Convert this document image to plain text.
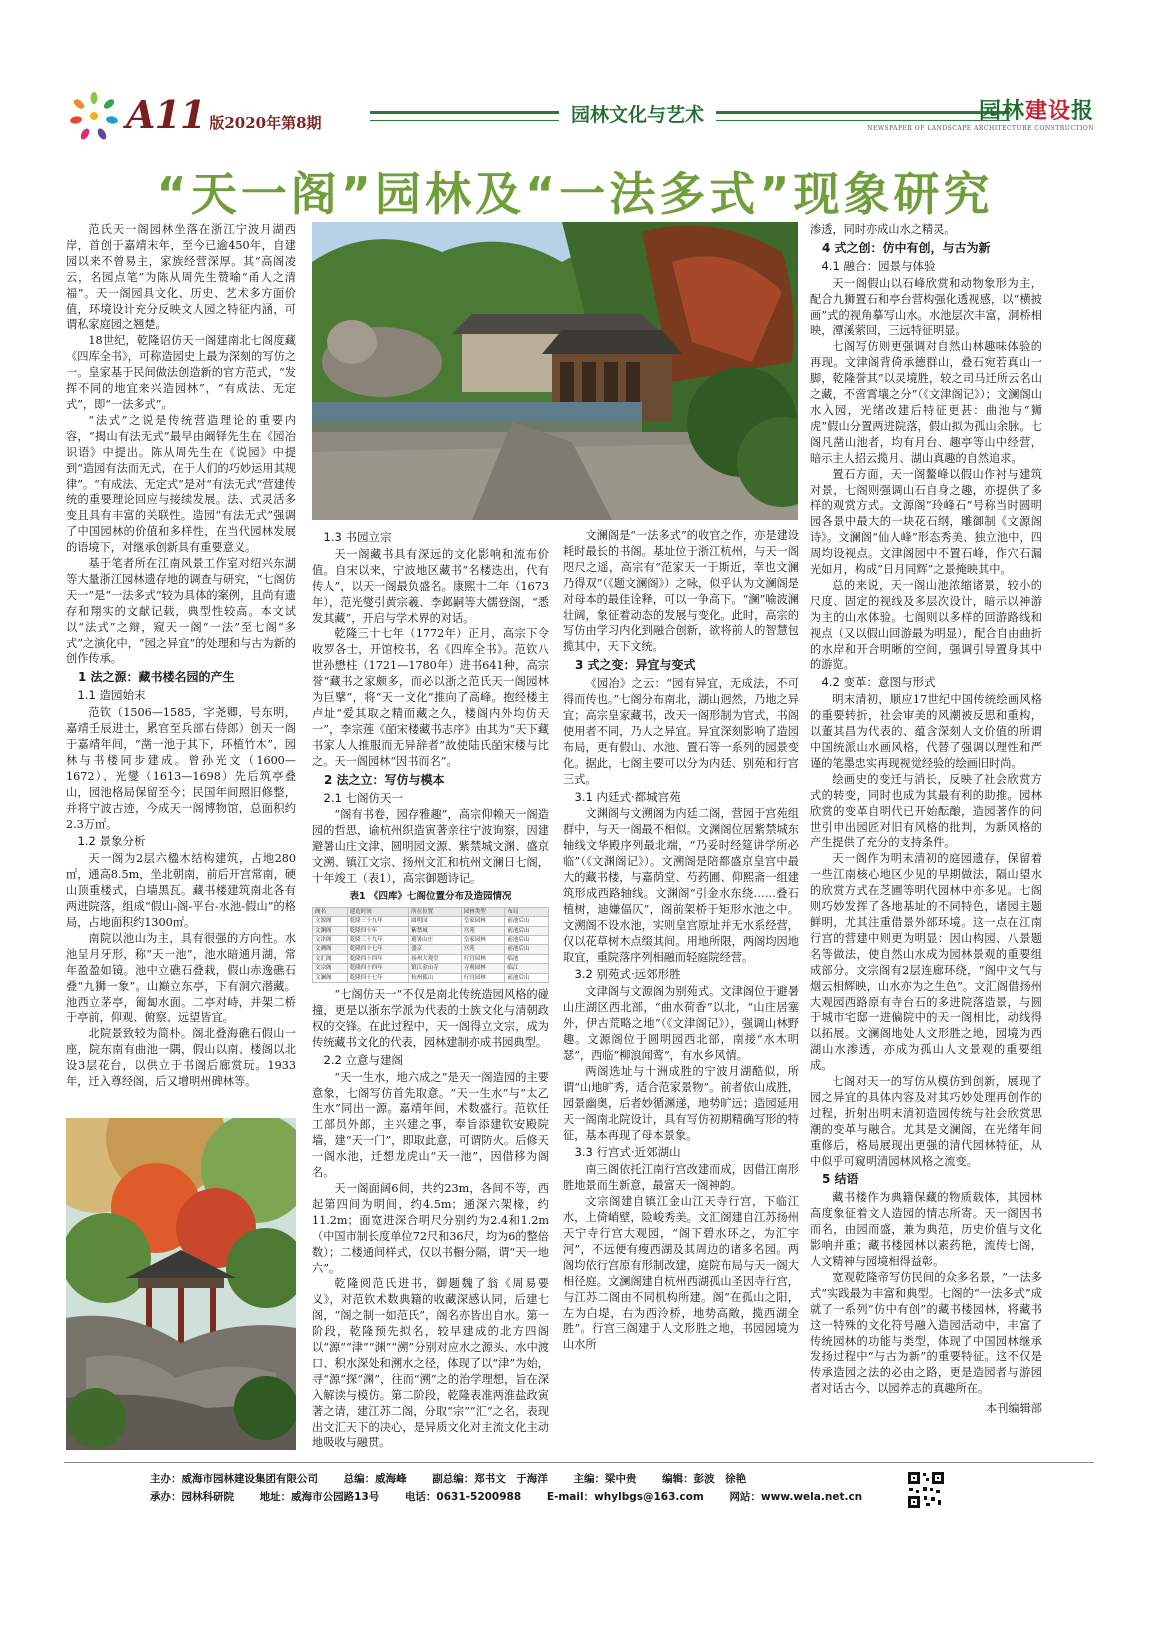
A11 版2020年第8期	园林文化与艺术	园林建设报
NEWSPAPER OF LANDSCAPE ARCHITECTURE CONSTRUCTION
“天一阁”园林及“一法多式”现象研究

范氏天一阁园林坐落在浙江宁波月湖西岸，首创于嘉靖末年，至今已逾450年，自建园以来不曾易主，家族经营深厚。其“高阁凌云，名园点笔”为陈从周先生赞喻“甬人之清福”。天一阁园具文化、历史、艺术多方面价值，环境设计充分反映文人园之特征内涵，可谓私家庭园之翘楚。

18世纪，乾隆诏仿天一阁建南北七阁度藏《四库全书》，可称造园史上最为深刻的写仿之一。皇家基于民间做法创造新的官方范式，“发挥不同的地宜来兴造园林”，“有成法、无定式”，即“一法多式”。

“法式”之说是传统营造理论的重要内容，“揭山有法无式”最早由阚铎先生在《园冶识语》中提出。陈从周先生在《说园》中提到“造园有法而无式，在于人们的巧妙运用其规律”。“有成法、无定式”是对“有法无式”营建传统的重要理论回应与接续发展。法、式灵活多变且具有丰富的关联性。造园“有法无式”强调了中国园林的价值和多样性，在当代园林发展的语境下，对继承创新具有重要意义。

基于笔者所在江南风景工作室对绍兴东湖等大量浙江园林遗存地的调查与研究，“七阁仿天一”是“一法多式”较为具体的案例，且尚有遗存和翔实的文献记载，典型性较高。本文试以“法式”之辩，窥天一阁“一法”至七阁“多式”之演化中，“园之异宜”的处理和与古为新的创作传承。

1 法之源：藏书楼名园的产生
1.1 造园始末

范钦（1506—1585，字尧卿，号东明，嘉靖壬辰进士，累官至兵部右侍郎）创天一阁于嘉靖年间，“凿一池于其下，环植竹木”，园林与书楼同步建成。曾孙光文（1600—1672）、光燮（1613—1698）先后筑亭叠山，园池格局保留至今；民国年间照旧修整，并将宁波古迹，今成天一阁博物馆，总面积约2.3万㎡。

1.2 景象分析

天一阁为2层六楹木结构建筑，占地280㎡，通高8.5m，坐北朝南，前后开宫常南，硬山顶重楼式，白墙黑瓦。藏书楼建筑南北各有两进院落，组成“假山-阁-平台-水池-假山”的格局，占地面积约1300㎡。

南院以池山为主，具有很强的方向性。水池呈月牙形，称“天一池”，池水暗通月湖，常年盈盈如镜。池中立礁石叠栽，假山赤逸礁石叠“九狮一象”。山巅立东亭，下有洞穴潜藏。池西立茅亭，匍匐水面。二亭对峙，并架二桥于亭前，仰观、俯察、远望皆宜。

北院景致较为简朴。阁北叠海礁石假山一座，院东南有曲池一隅，假山以南、楼阁以北设3层花台，以供立于书阁后廊赏玩。1933年，迁入尊经阁，后又增明州碑林等。

1.3 书园立宗

天一阁藏书具有深远的文化影响和流布价值。自宋以来，宁波地区藏书“名楼迭出，代有传人”，以天一阁最负盛名。康熙十二年（1673年），范光燮引黄宗羲、李邺嗣等大儒登阁，“悉发其藏”，开启与学术界的对话。

乾隆三十七年（1772年）正月，高宗下令收罗各士，开馆校书，名《四库全书》。范钦八世孙懋柱（1721—1780年）进书641种，高宗誉“藏书之家颇多，而必以浙之范氏天一阁园林为巨擘”，将“天一文化”推向了高峰。抱经楼主卢址“爱其取之精而藏之久，楼阁内外均仿天一”，李宗莲《皕宋楼藏书志序》由其为“天下藏书家人人推服而无异辞者”故使陆氏皕宋楼与比之。天一阁园林“因书而名”。

2 法之立：写仿与模本
2.1 七阁仿天一

“阁有书卷，园存雅趣”，高宗仰赖天一阁造园的哲思，谕杭州织造寅著亲往宁波询察，因建避暑山庄文津、圆明园文源、紫禁城文渊、盛京文溯、镇江文宗、扬州文汇和杭州文澜日七阁，十年竣工（表1），高宗御题诗记。

表1 《四库》七阁位置分布及造园情况
阁名	建造时间	所在位置	园林类型	布局
文源阁	乾隆三十九年	圆明园	皇家园林	前池后山
文渊阁	乾隆四十年	紫禁城	宫苑	前池后山
文津阁	乾隆三十九年	避暑山庄	皇家园林	前池后山
文溯阁	乾隆四十七年	盛京	宫苑	前池后山
文汇阁	乾隆四十四年	扬州大观堂	行宫园林	临池
文宗阁	乾隆四十四年	镇江金山寺	寺观园林	临江
文澜阁	乾隆四十七年	杭州孤山	行宫园林	前池后山

“七阁仿天一”不仅是南北传统造园风格的碰撞，更是以浙东学派为代表的士族文化与清朝政权的交锋。在此过程中，天一阁得立文宗，成为传统藏书文化的代表，园林建制亦成书园典型。

2.2 立意与建阁

“天一生水，地六成之”是天一阁造园的主要意象，七阁写仿首先取意。“天一生水”与“太乙生水”同出一源。嘉靖年间，术数盛行。范钦任工部员外郎，主兴建之事，奉旨添建钦安殿院墙，建“天一门”，即取此意，可谓防火。后修天一阁水池，迁想龙虎山“天一池”，因借移为阁名。

天一阁面阔6间，共约23m，各间不等，西起第四间为明间，约4.5m；通深六架椽，约11.2m；面宽进深合明尺分别约为2.4和1.2m（中国市制长度单位72尺和36尺，均为6的整倍数）；二楼通间样式，仅以书橱分隔，谓“天一地六”。

乾隆阅范氏进书，御题魏了翁《周易要义》，对范钦术数典籍的收藏深感认同，后建七阁，“阁之制一如范氏”，阁名亦皆出自水。第一阶段，乾隆预先拟名，较早建成的北方四阁以“源”“津”“渊”“溯”分别对应水之源头、水中渡口、积水深处和溯水之径，体现了以“津”为始，寻“源”探“渊”，往而“溯”之的治学理想，旨在深入解读与模仿。第二阶段，乾隆表准两淮盐政寅著之请，建江苏二阁，分取“宗”“汇”之名，表现出文汇天下的决心，是异质文化对主流文化主动地吸收与融贯。

文澜阁是“一法多式”的收官之作，亦是建设耗时最长的书阁。基址位于浙江杭州，与天一阁咫尺之遥，高宗有“范家天一于斯近，幸也文澜乃得双”（《题文澜阁》）之咏，似乎认为文澜阁是对母本的最佳诠释，可以一争高下。“澜”喻波澜壮阔，象征着动态的发展与变化。此时，高宗的写仿由学习内化到融合创新，欲将前人的智慧包揽其中，天下文统。

3 式之变：异宜与变式

《园冶》之云：“园有异宜，无成法，不可得而传也。”七阁分布南北，湖山迥然，乃地之异宜；高宗皇家藏书，改天一阁形制为官式，书阁使用者不同，乃人之异宜。异宜深刻影响了造园布局，更有假山、水池、置石等一系列的园景变化。据此，七阁主要可以分为内廷、别苑和行宫三式。

3.1 内廷式·都城宫苑

文渊阁与文溯阁为内廷二阁，营园于宫苑组群中，与天一阁最不相似。文渊阁位居紫禁城东轴线文华殿序列最北端，“乃妥时经筵讲学所必临”（《文渊阁记》）。文溯阁是陪都盛京皇宫中最大的藏书楼，与嘉荫堂、芍药圃、仰熙斋一组建筑形成西路轴线。文渊阁“引金水东绕……叠石植树，迪嫌偪仄”，阁前架桥于矩形水池之中。文溯阁不设水池，实则皇宫原址并无水系经营，仅以花草树木点缀其间。用地所限，两阁均因地取宜，重院落序列相融而轻庭院经营。

3.2 别苑式·远郊形胜

文津阁与文源阁为别苑式。文津阁位于避暑山庄湖区西北部，“曲水荷香”以北，“山庄居塞外，伊古荒略之地”（《文津阁记》），强调山林野趣。文源阁位于圆明园西北部，南接“水木明瑟”，西临“柳浪闻莺”，有水乡风情。

两阁选址与十洲成胜的宁波月湖酷似，所谓“山地旷秀，适合范家景物”。前者依山成胜，园景幽奥，后者妙循渊递，地势旷远；造园延用天一阁南北院设计，具有写仿初期精确写形的特征，基本再现了母本景象。

3.3 行宫式·近郊湖山

南三阁依托江南行宫改建而成，因借江南形胜地景而生新意，最富天一阁神韵。

文宗阁建自镇江金山江天寺行宫，下临江水，上倚峭壁，险峻秀美。文汇阁建自江苏扬州天宁寺行宫大观园，“阁下碧水环之，为汇宇河”，不远便有瘦西湖及其周边的诸多名园。两阁均依行宫原有形制改建，庭院布局与天一阁大相径庭。文澜阁建自杭州西湖孤山圣因寺行宫，与江苏二阁由不同机构所建。阁“在孤山之阳，左为白堤，右为西泠桥，地势高敞，揽西湖全胜”。行宫三阁建于人文形胜之地，书园园境为山水所

渗透，同时亦成山水之精灵。

4 式之创：仿中有创，与古为新
4.1 融合：园景与体验

天一阁假山以石峰欣赏和动物象形为主，配合九狮置石和亭台营构强化透视感，以“横披画”式的视角摹写山水。水池层次丰富，洞桥相映，潭溪萦回，三远特征明显。

七阁写仿则更强调对自然山林趣味体验的再现。文津阁背倚承德群山，叠石宛若真山一脚，乾隆誉其“以灵境胜，较之司马迁所云名山之藏，不啻霄壤之分”（《文津阁记》）；文澜阁山水入园，光绪改建后特征更甚：曲池与“狮虎”假山分置两进院落，假山拟为孤山余脉。七阁凡凿山池者，均有月台、趣亭等山中经营，暗示主人招云揽月、湖山真趣的自然追求。

置石方面，天一阁鳌峰以假山作衬与建筑对景，七阁则强调山石自身之趣，亦提供了多样的观赏方式。文源阁“玲峰石”号称当时圆明园各景中最大的一块花石纲，雕御制《文源阁诗》。文澜阁“仙人峰”形态秀美、独立池中，四周均设视点。文津阁园中不置石峰，作穴石漏光如月，构成“日月同辉”之景掩映其中。

总的来说，天一阁山池浓缩诸景，较小的尺度、固定的视线及多层次设计，暗示以神游为主的山水体验。七阁则以多样的回游路线和视点（又以假山回游最为明显），配合自由曲折的水岸和开合明晰的空间，强调引导置身其中的游览。

4.2 变革：意图与形式

明末清初，顺应17世纪中国传统绘画风格的重要转折，社会审美的风潮被反思和重构，以董其昌为代表的、蕴含深刻人文价值的所谓中国统派山水画风格，代替了强调以理性和严谨的笔墨忠实再现视觉经验的绘画旧时尚。

绘画史的变迁与消长，反映了社会欣赏方式的转变，同时也成为其最有利的助推。园林欣赏的变革自明代已开始酝酿，造园著作的问世引申出园匠对旧有风格的批判，为新风格的产生提供了充分的支持条件。

天一阁作为明末清初的庭园遗存，保留着一些江南核心地区少见的早期做法，隔山望水的欣赏方式在芝圃等明代园林中亦多见。七阁则巧妙发挥了各地基址的不同特色，诸园主题鲜明，尤其注重借景外部环境。这一点在江南行宫的营建中则更为明显：因山构园、八景题名等做法，使自然山水成为园林景观的重要组成部分。文宗阁有2层连廊环绕，“阁中文气与烟云相辉映，山水亦为之生色”。文汇阁借扬州大观园西路原有寺台石的多进院落造景，与圆于城市宅邸一进偏院中的天一阁相比，动线得以拓展。文澜阁地处人文形胜之地，园境为西湖山水渗透，亦成为孤山人文景观的重要组成。

七阁对天一的写仿从模仿到创新，展现了园之异宜的具体内容及对其巧妙处理再创作的过程，折射出明末清初造园传统与社会欣赏思潮的变革与融合。尤其是文澜阁，在光绪年间重修后，格局展现出更强的清代园林特征，从中似乎可窥明清园林风格之流变。

5 结语

藏书楼作为典籍保藏的物质载体，其园林高度象征着文人造园的情志所寄。天一阁因书而名，由园而盛，兼为典范，历史价值与文化影响并重；藏书楼园林以素药艳，流传七阁，人文精神与园境相得益彰。

宽观乾隆帝写仿民间的众多名景，“一法多式”实践最为丰富和典型。七阁的“一法多式”成就了一系列“仿中有创”的藏书楼园林，将藏书这一特殊的文化符号融入造园活动中，丰富了传统园林的功能与类型，体现了中国园林继承发扬过程中“与古为新”的重要特征。这不仅是传承造园之法的必由之路，更是造园者与游园者对话古今、以园养志的真趣所在。

本刊编辑部
主办：威海市园林建设集团有限公司 总编：威海峰 副总编：郑书文　于海洋 主编：梁中贵 编辑：彭波　徐艳
承办：园林科研院 地址：威海市公园路13号 电话：0631-5200988 E-mail：whylbgs@163.com 网站：www.wela.net.cn
